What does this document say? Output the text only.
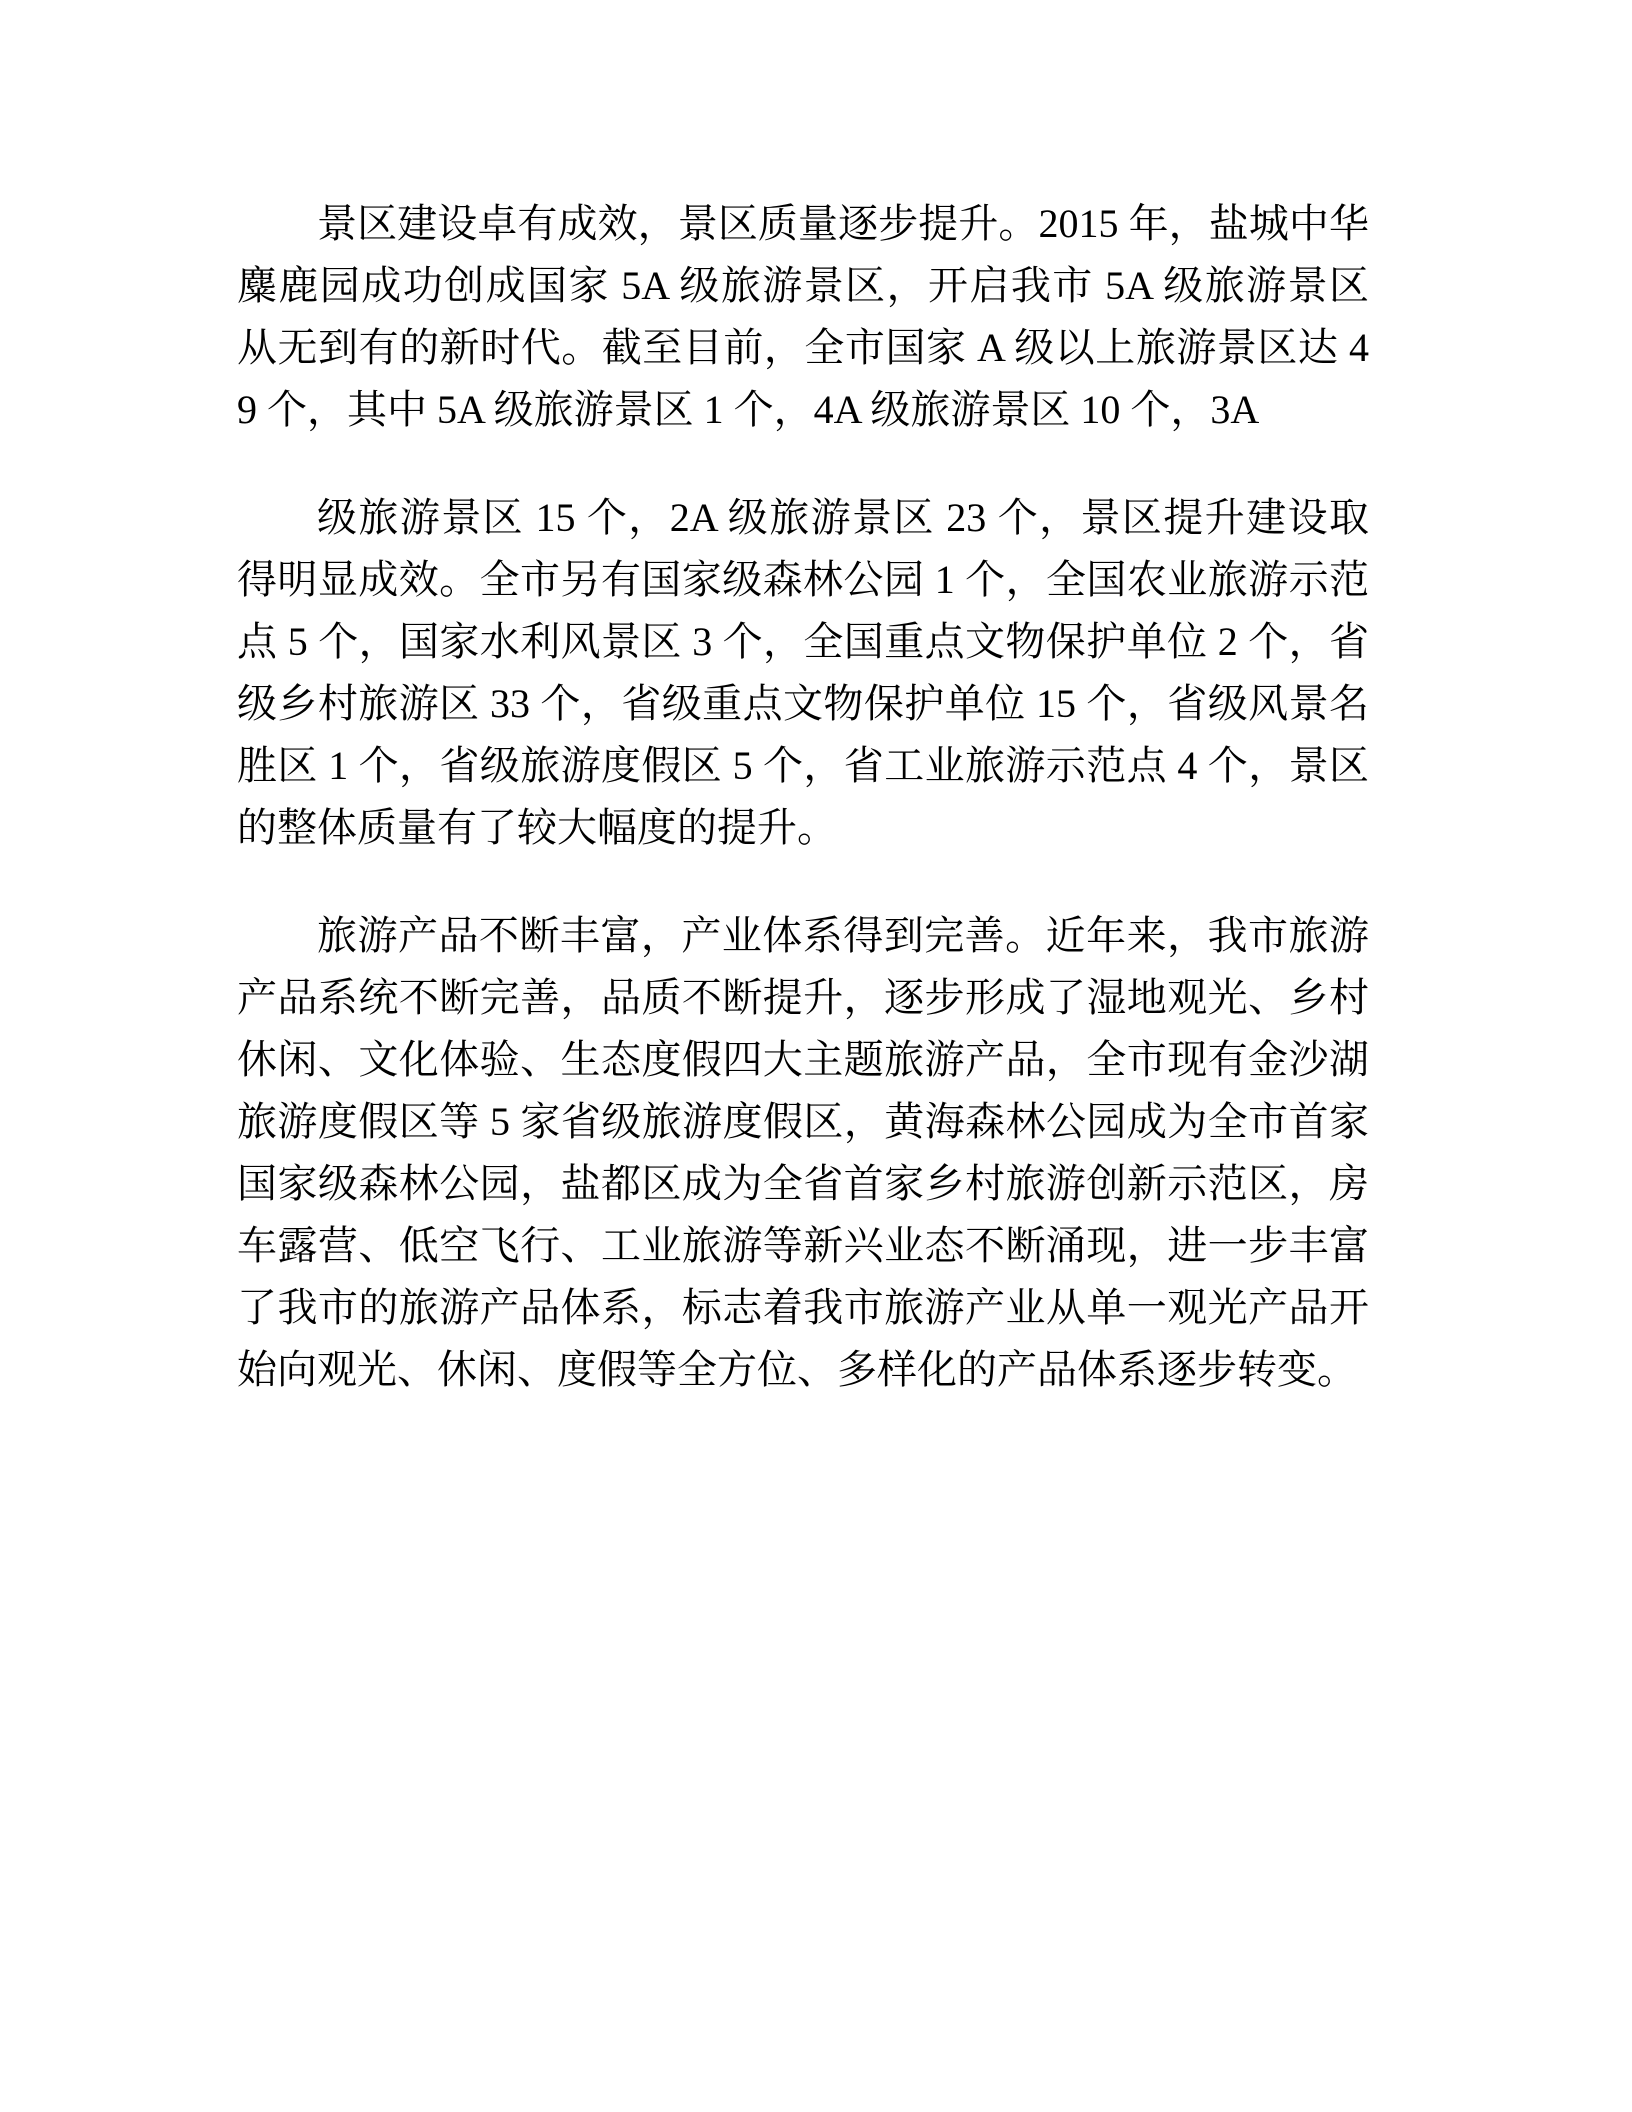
景区建设卓有成效，景区质量逐步提升。2015 年，盐城中华麋鹿园成功创成国家 5A 级旅游景区，开启我市 5A 级旅游景区从无到有的新时代。截至目前，全市国家 A 级以上旅游景区达 49 个，其中 5A 级旅游景区 1 个，4A 级旅游景区 10 个，3A

级旅游景区 15 个，2A 级旅游景区 23 个，景区提升建设取得明显成效。全市另有国家级森林公园 1 个，全国农业旅游示范点 5 个，国家水利风景区 3 个，全国重点文物保护单位 2 个，省级乡村旅游区 33 个，省级重点文物保护单位 15 个，省级风景名胜区 1 个，省级旅游度假区 5 个，省工业旅游示范点 4 个，景区的整体质量有了较大幅度的提升。

旅游产品不断丰富，产业体系得到完善。近年来，我市旅游产品系统不断完善，品质不断提升，逐步形成了湿地观光、乡村休闲、文化体验、生态度假四大主题旅游产品，全市现有金沙湖旅游度假区等 5 家省级旅游度假区，黄海森林公园成为全市首家国家级森林公园，盐都区成为全省首家乡村旅游创新示范区，房车露营、低空飞行、工业旅游等新兴业态不断涌现，进一步丰富了我市的旅游产品体系，标志着我市旅游产业从单一观光产品开始向观光、休闲、度假等全方位、多样化的产品体系逐步转变。
